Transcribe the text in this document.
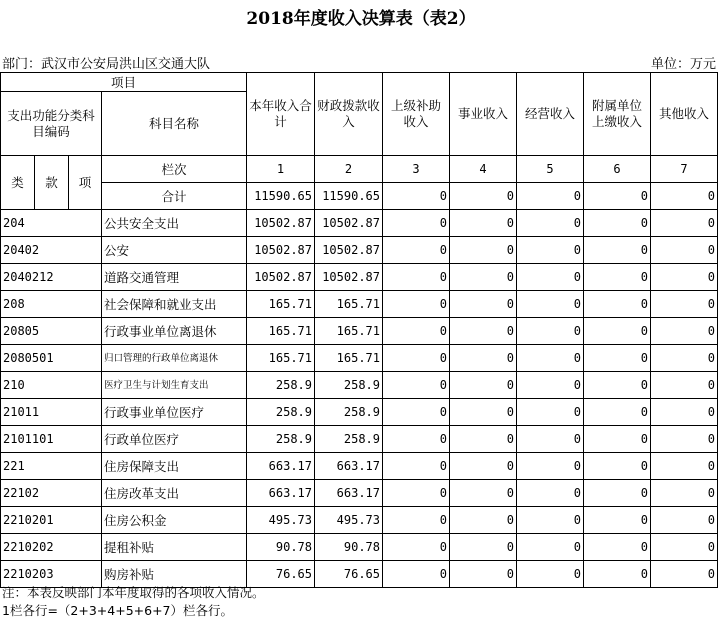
2018年度收入决算表（表2）
部门：武汉市公安局洪山区交通大队	单位：万元
项目				本年收入合计	财政拨款收入	上级补助收入	事业收入	经营收入	附属单位上缴收入	其他收入
支出功能分类科目编码			科目名称							

类	款	项	栏次	1	2	3	4	5	6	7
			合计	11590.65	11590.65	0	0	0	0	0
204			公共安全支出	10502.87	10502.87	0	0	0	0	0
20402			公安	10502.87	10502.87	0	0	0	0	0
2040212			道路交通管理	10502.87	10502.87	0	0	0	0	0
208			社会保障和就业支出	165.71	165.71	0	0	0	0	0
20805			行政事业单位离退休	165.71	165.71	0	0	0	0	0
2080501			归口管理的行政单位离退休	165.71	165.71	0	0	0	0	0
210			医疗卫生与计划生育支出	258.9	258.9	0	0	0	0	0
21011			行政事业单位医疗	258.9	258.9	0	0	0	0	0
2101101			行政单位医疗	258.9	258.9	0	0	0	0	0
221			住房保障支出	663.17	663.17	0	0	0	0	0
22102			住房改革支出	663.17	663.17	0	0	0	0	0
2210201			住房公积金	495.73	495.73	0	0	0	0	0
2210202			提租补贴	90.78	90.78	0	0	0	0	0
2210203			购房补贴	76.65	76.65	0	0	0	0	0
注：本表反映部门本年度取得的各项收入情况。
1栏各行=（2+3+4+5+6+7）栏各行。
